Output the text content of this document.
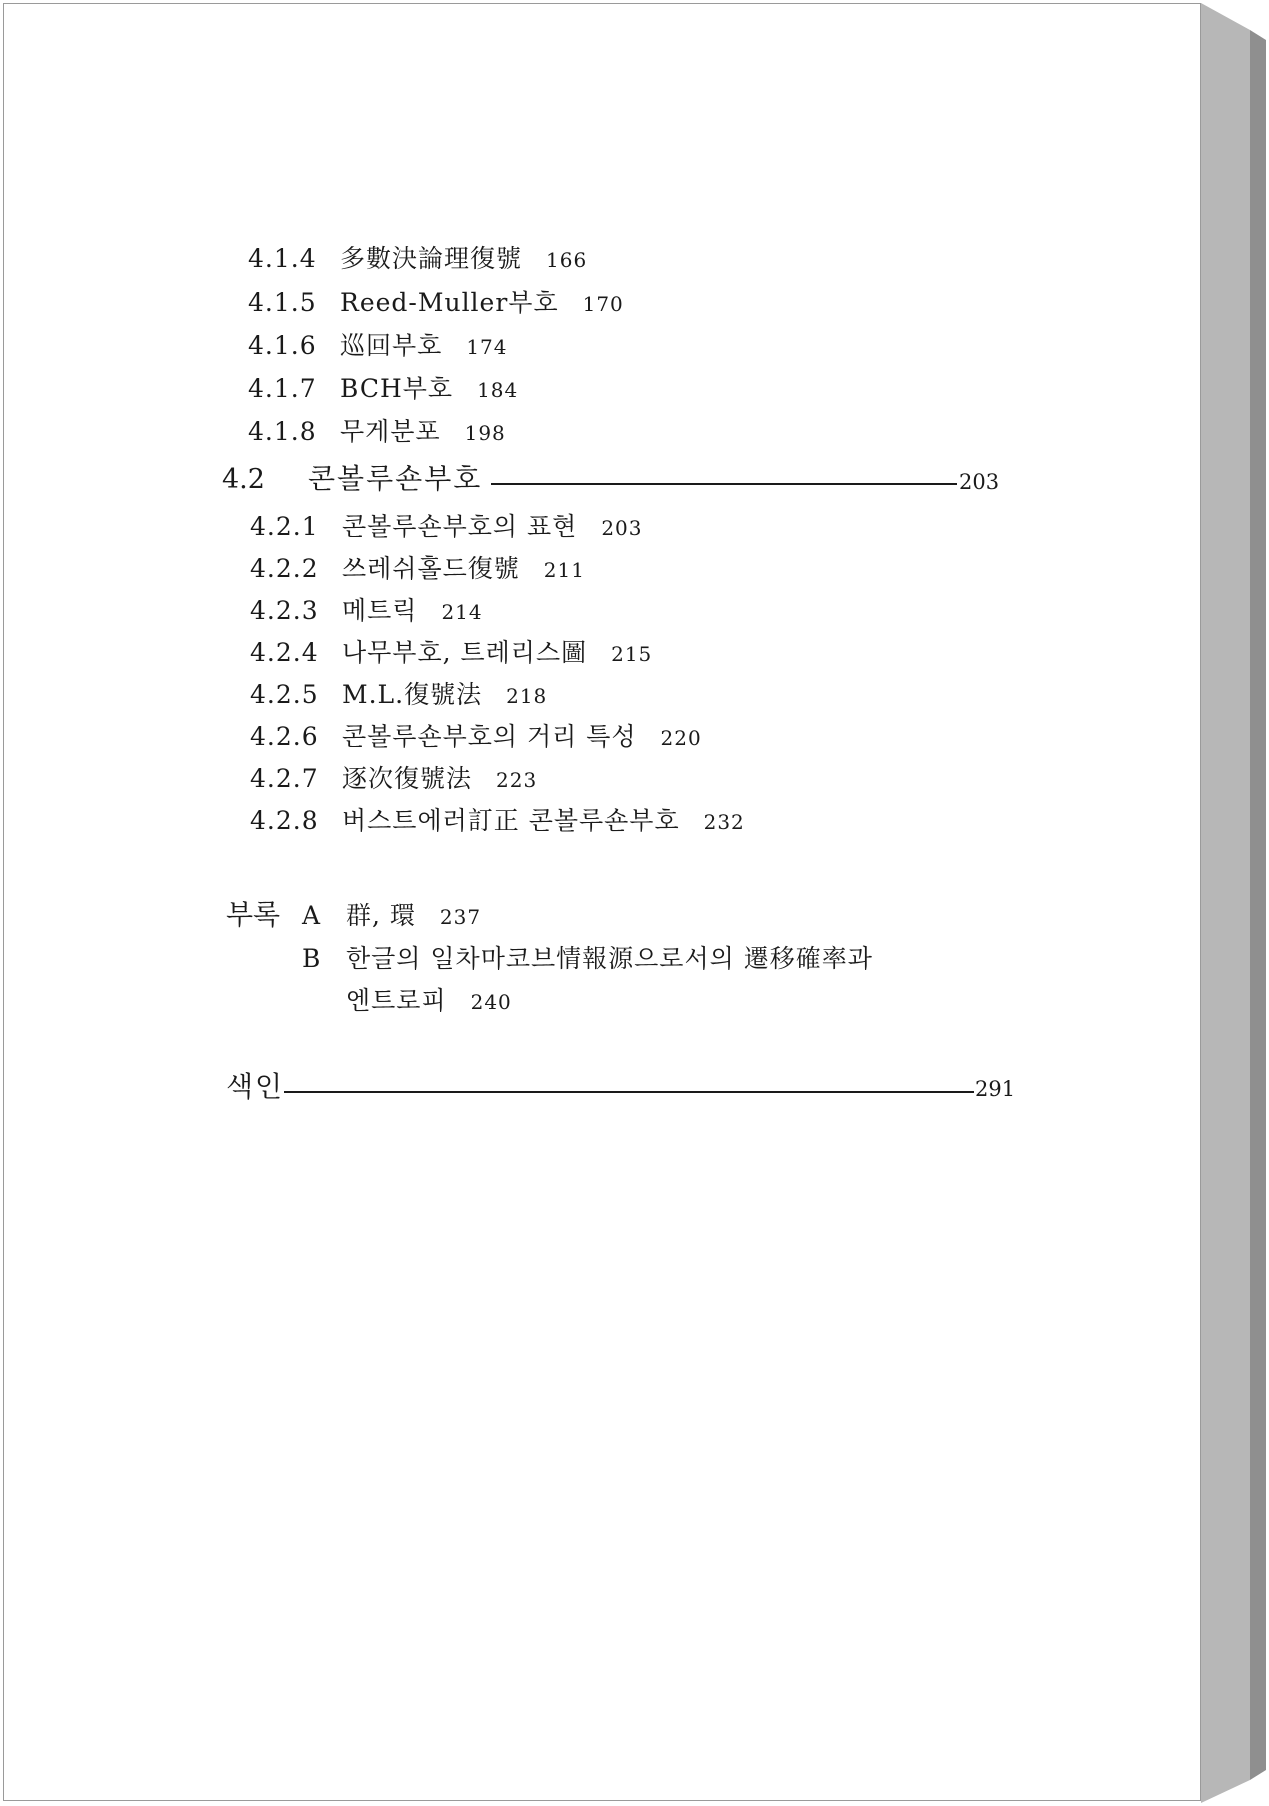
4.1.4 多數決論理復號 166
4.1.5 Reed-Muller부호 170
4.1.6 巡回부호 174
4.1.7 BCH부호 184
4.1.8 무게분포 198
4.2 콘볼루숀부호	203
4.2.1 콘볼루숀부호의 표현 203
4.2.2 쓰레쉬홀드復號 211
4.2.3 메트릭 214
4.2.4 나무부호, 트레리스圖 215
4.2.5 M.L.復號法 218
4.2.6 콘볼루숀부호의 거리 특성 220
4.2.7 逐次復號法 223
4.2.8 버스트에러訂正 콘볼루숀부호 232
부록 A 群, 環 237
B 한글의 일차마코브情報源으로서의 遷移確率과
엔트로피 240
색인	291
